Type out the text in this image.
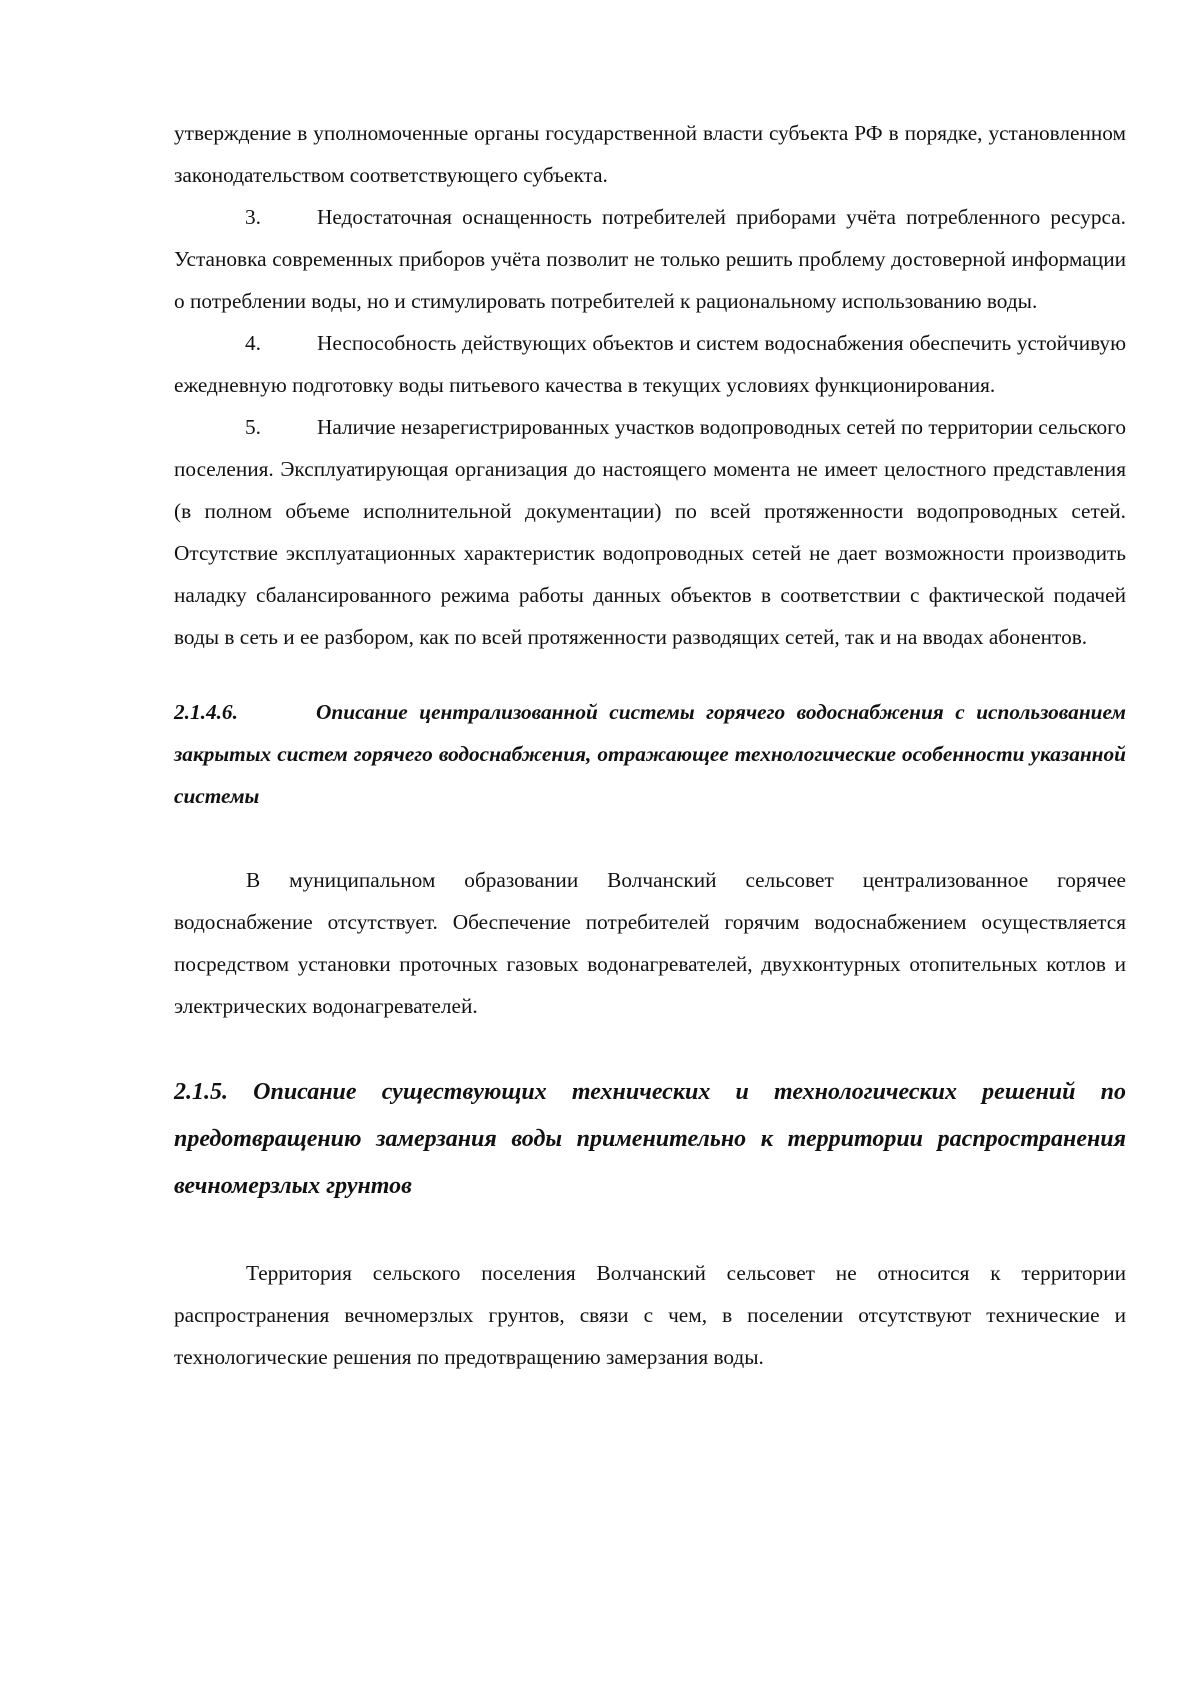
утверждение в уполномоченные органы государственной власти субъекта РФ в порядке, установленном законодательством соответствующего субъекта.

3.	Недостаточная оснащенность потребителей приборами учёта потребленного ресурса. Установка современных приборов учёта позволит не только решить проблему достоверной информации о потреблении воды, но и стимулировать потребителей к рациональному использованию воды.

4.	Неспособность действующих объектов и систем водоснабжения обеспечить устойчивую ежедневную подготовку воды питьевого качества в текущих условиях функционирования.

5.	Наличие незарегистрированных участков водопроводных сетей по территории сельского поселения. Эксплуатирующая организация до настоящего момента не имеет целостного представления (в полном объеме исполнительной документации) по всей протяженности водопроводных сетей. Отсутствие эксплуатационных характеристик водопроводных сетей не дает возможности производить наладку сбалансированного режима работы данных объектов в соответствии с фактической подачей воды в сеть и ее разбором, как по всей протяженности разводящих сетей, так и на вводах абонентов.

2.1.4.6.	Описание централизованной системы горячего водоснабжения с использованием закрытых систем горячего водоснабжения, отражающее технологические особенности указанной системы

В муниципальном образовании Волчанский сельсовет централизованное горячее водоснабжение отсутствует. Обеспечение потребителей горячим водоснабжением осуществляется посредством установки проточных газовых водонагревателей, двухконтурных отопительных котлов и электрических водонагревателей.

2.1.5. Описание существующих технических и технологических решений по предотвращению замерзания воды применительно к территории распространения вечномерзлых грунтов

Территория сельского поселения Волчанский сельсовет не относится к территории распространения вечномерзлых грунтов, связи с чем, в поселении отсутствуют технические и технологические решения по предотвращению замерзания воды.
